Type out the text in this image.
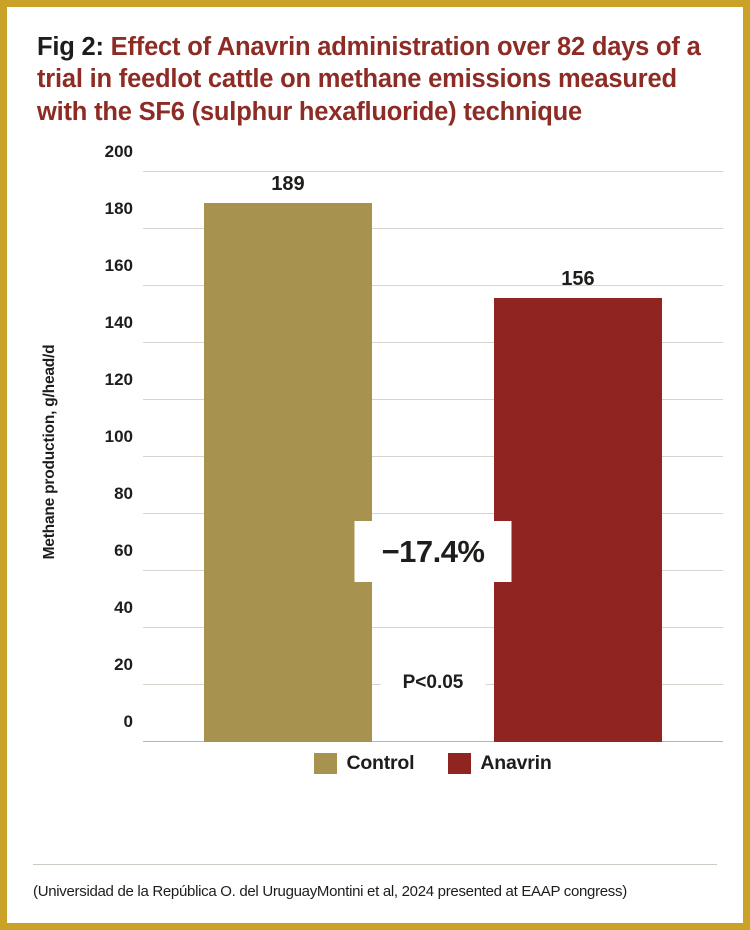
Fig 2: Effect of Anavrin administration over 82 days of a trial in feedlot cattle on methane emissions measured with the SF6 (sulphur hexafluoride) technique
Methane production, g/head/d
0
20
40
60
80
100
120
140
160
180
200
189
156
−17.4%
P<0.05
Control	Anavrin
(Universidad de la República O. del UruguayMontini et al, 2024 presented at EAAP congress)
